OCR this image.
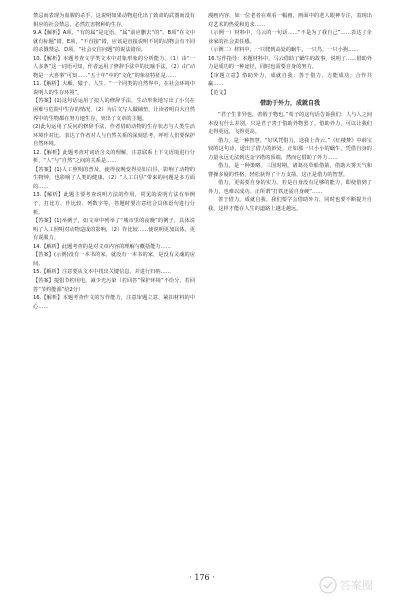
禁忌而表现为血腥的杀手，这说明如果动物进化出了致命的武器而没有相应的社会禁忌，必然危害物种的生存。

9.A【解析】A项，“有的属”是定语，“属”前应删去“的”。B项“在文中就有标题”错。E项，“不直接”错，应该是直接说明不同的动物会有不同的杀戮禁忌，D项，“社会交往问题”的说法错误。

10.【解析】本题考查文学类文本中对象形象的分析能力。（1）由“一人多条”这一词语可知，作者运用了修辞手法中的比喻手法，（2）由“动物是一大喜事”可知……“五十年”中的“文化”的象征特征是……

11.【解析】大雁、猿子、人生、“一个同类的自然界中，在社会环境中说明人的生存环境”。

【答案】(1)这句话运用了拟人的修辞手法，生动形象地写出了小鸟在困难与危险中生存的情况，（2）为后文写人做铺垫，让读者明白大自然界中的生物都在努力地生存，突出了文章的主题。

(2)此句运用了反问的修辞手法，作者借助动物的生存状态与人类生活环境作对比，表达了作者对人与自然关系的深刻思考，呼吁人们要保护自然环境。

12.【解析】此题考查对词语含义的理解，注意联系上下文语境进行分析，“人”与“自然”之间的关系是……

【答案】(1)人工照明的普及，使得夜晚变得亮如白昼，影响了动物的生物钟，也影响了人类的健康，（2）“人工白昼”带来的问题是多方面的……

13.【解析】此题主要考查说明方法的作用，常见的说明方法有举例子、打比方、作比较、列数字等，答题时要注意结合具体语句进行分析。

【答案】(1)举例子，如文章中列举了“城市里的夜晚”的例子，具体说明了人工照明对动物造成的影响，（2）作比较……使说明更加具体，更有说服力。

14.【解析】此题考查的是对文章内容的理解与概括能力……

【答案】(示例)没有一本书的家，就没有一本书的家，是没有灵魂的房间。

15.【解析】注意要从文本中找出关键信息，并进行归纳……

【答案】提倡节约用电，减少光污染（若回答“保护环境”不给分，若回答“节约能源”给2分）

16.【解析】本题考查作文的写作能力，注意审题立意，紧扣材料的中心……

漫画内容，如一位老者在观看一幅画，画面中的老人眼神专注，表现出对艺术的热爱和追求……

（示例一）材料中，马云的一句话……“不是为了我自己”……表达了企业家的社会责任感。

（示例二）材料中，一只爬到高处的蜗牛，一只鸟，一只小狗……

16.写作指导：本题材料中，马云借助了蜗牛的故事，说明了……借助外力是成功的一种途径，同时也需要自身的努力。

【审题立意】借助外力，成就自我；善于借力，方能成功；合作共赢……

【范文】

借助于外力，成就自我

“君子生非异也，善假于物也。”荀子的这句话告诉我们：人与人之间本没有什么差别，只是君子善于借助外物罢了。借助外力，可以让我们走得更远，飞得更高。

借力，是一种智慧。“好风凭借力，送我上青云。”《红楼梦》中薛宝钗的这句诗，道出了借力的妙处。正如那一只小小的蜗牛，凭借自身的力量永远无法到达金字塔的顶端，然而它借助了外力……

借力，是一种策略。三国时期，诸葛亮草船借箭，借助大雾天气和曹操多疑的性格，轻松获得了十万支箭。这正是借力的智慧。

借力，更需要自身的实力。若是自身没有足够的能力，即使借到了外力，也难以成功。正所谓“打铁还需自身硬”……

善于借力，成就自我。我们要学会借助外力，同时也要不断提升自我，这样才能在人生的道路上越走越远。

· 176 ·
答案圈
